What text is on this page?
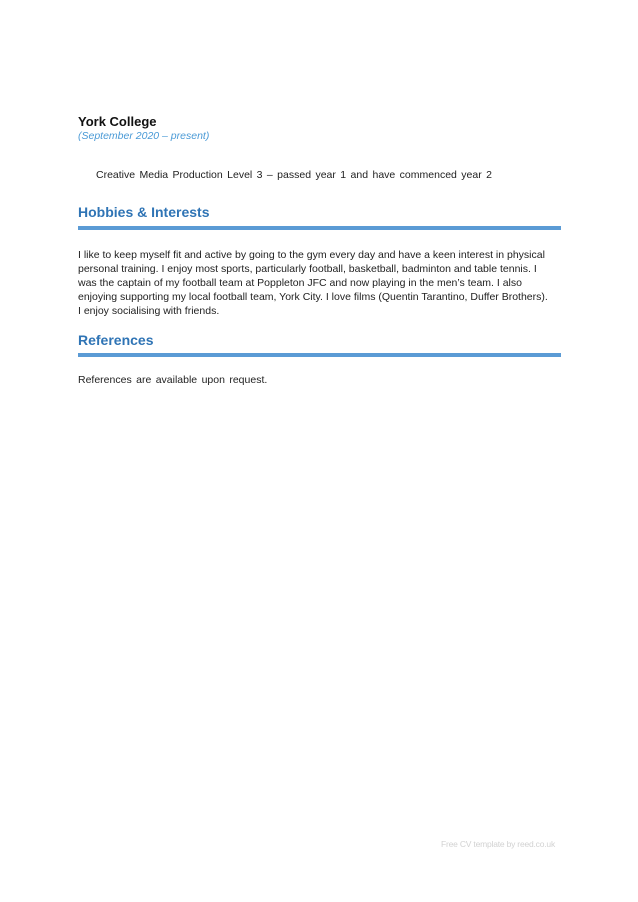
York College
(September 2020 – present)
Creative Media Production Level 3 – passed year 1 and have commenced year 2
Hobbies & Interests
I like to keep myself fit and active by going to the gym every day and have a keen interest in physical
personal training. I enjoy most sports, particularly football, basketball, badminton and table tennis. I
was the captain of my football team at Poppleton JFC and now playing in the men’s team. I also
enjoying supporting my local football team, York City. I love films (Quentin Tarantino, Duffer Brothers).
I enjoy socialising with friends.
References
References are available upon request.
Free CV template by reed.co.uk
